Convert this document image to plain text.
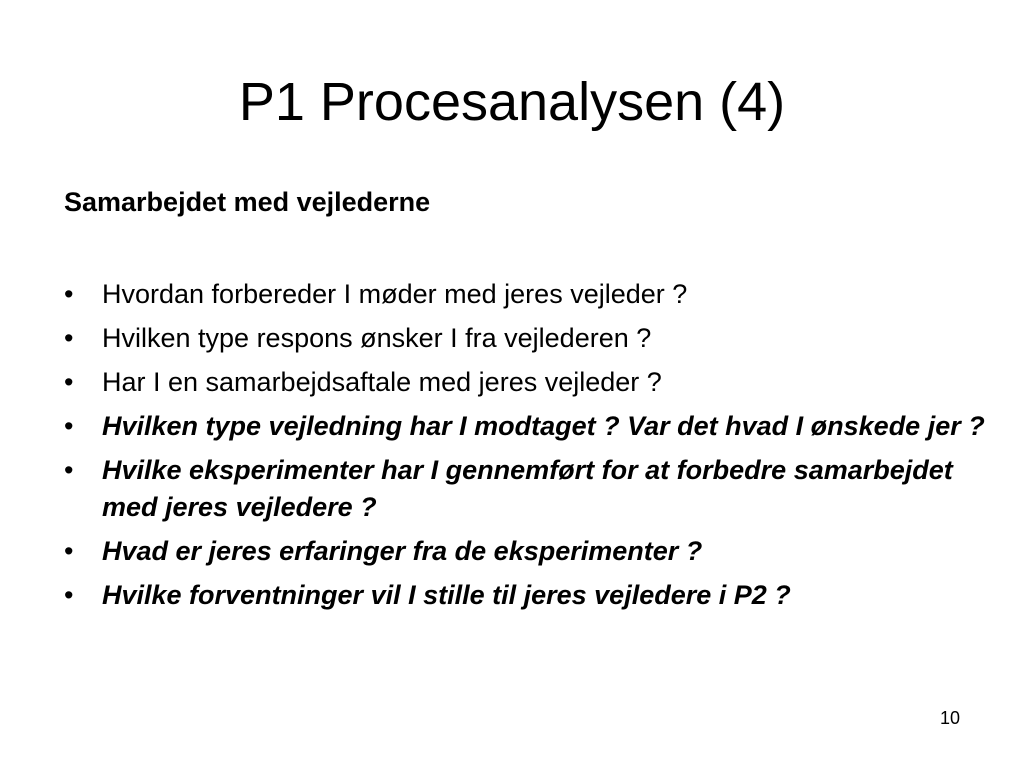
P1 Procesanalysen (4)

Samarbejdet med vejlederne

• Hvordan forbereder I møder med jeres vejleder ?
• Hvilken type respons ønsker I fra vejlederen ?
• Har I en samarbejdsaftale med jeres vejleder ?
• Hvilken type vejledning har I modtaget ? Var det hvad I ønskede jer ?
• Hvilke eksperimenter har I gennemført for at forbedre samarbejdet med jeres vejledere ?
• Hvad er jeres erfaringer fra de eksperimenter ?
• Hvilke forventninger vil I stille til jeres vejledere i P2 ?

10
